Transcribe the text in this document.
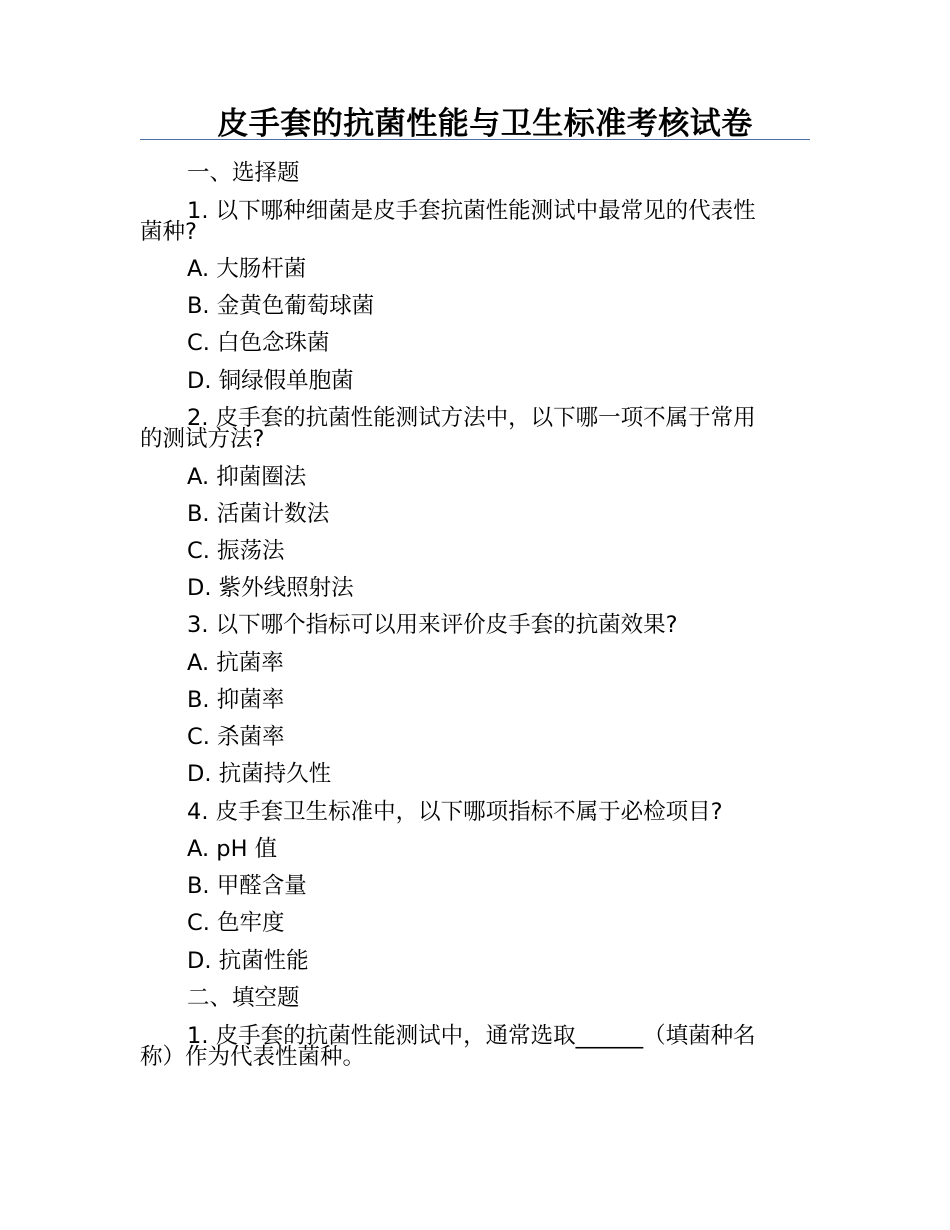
皮手套的抗菌性能与卫生标准考核试卷
一、选择题
1. 以下哪种细菌是皮手套抗菌性能测试中最常见的代表性
菌种?
A. 大肠杆菌
B. 金黄色葡萄球菌
C. 白色念珠菌
D. 铜绿假单胞菌
2. 皮手套的抗菌性能测试方法中，以下哪一项不属于常用
的测试方法?
A. 抑菌圈法
B. 活菌计数法
C. 振荡法
D. 紫外线照射法
3. 以下哪个指标可以用来评价皮手套的抗菌效果?
A. 抗菌率
B. 抑菌率
C. 杀菌率
D. 抗菌持久性
4. 皮手套卫生标准中，以下哪项指标不属于必检项目?
A. pH 值
B. 甲醛含量
C. 色牢度
D. 抗菌性能
二、填空题
1. 皮手套的抗菌性能测试中，通常选取______（填菌种名
称）作为代表性菌种。
